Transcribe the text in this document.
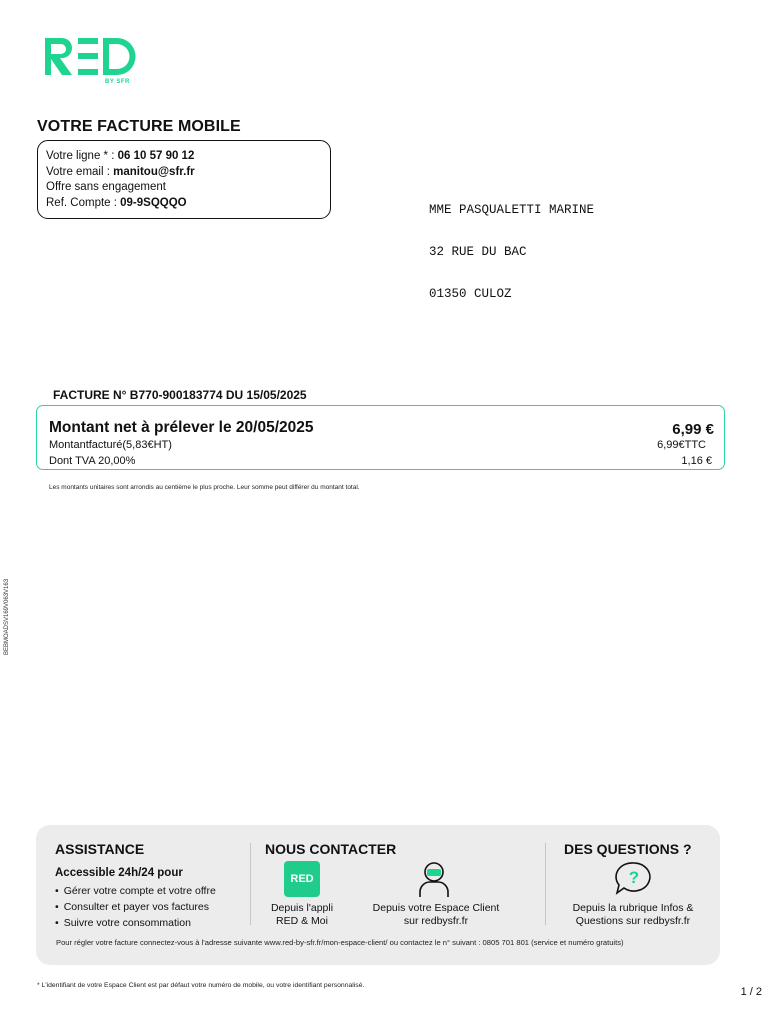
BY SFR
VOTRE FACTURE MOBILE
Votre ligne * : 06 10 57 90 12
Votre email : manitou@sfr.fr
Offre sans engagement
Ref. Compte : 09-9SQQQO

MME PASQUALETTI MARINE

32 RUE DU BAC

01350 CULOZ

FACTURE N° B770-900183774 DU 15/05/2025
Montant net à prélever le 20/05/2025	6,99 €
Montantfacturé(5,83€HT)	6,99€TTC
Dont TVA 20,00%	1,16 €
Les montants unitaires sont arrondis au centième le plus proche. Leur somme peut différer du montant total.
BEBMOADSV169V063V163
ASSISTANCE
Accessible 24h/24 pour
• Gérer votre compte et votre offre
• Consulter et payer vos factures
• Suivre votre consommation
NOUS CONTACTER
RED
Depuis l'appli
RED & Moi
Depuis votre Espace Client
sur redbysfr.fr
DES QUESTIONS ?
?
Depuis la rubrique Infos &
Questions sur redbysfr.fr
Pour régler votre facture connectez-vous à l'adresse suivante www.red-by-sfr.fr/mon-espace-client/ ou contactez le n° suivant : 0805 701 801 (service et numéro gratuits)
* L'identifiant de votre Espace Client est par défaut votre numéro de mobile, ou votre identifiant personnalisé.
1 / 2
